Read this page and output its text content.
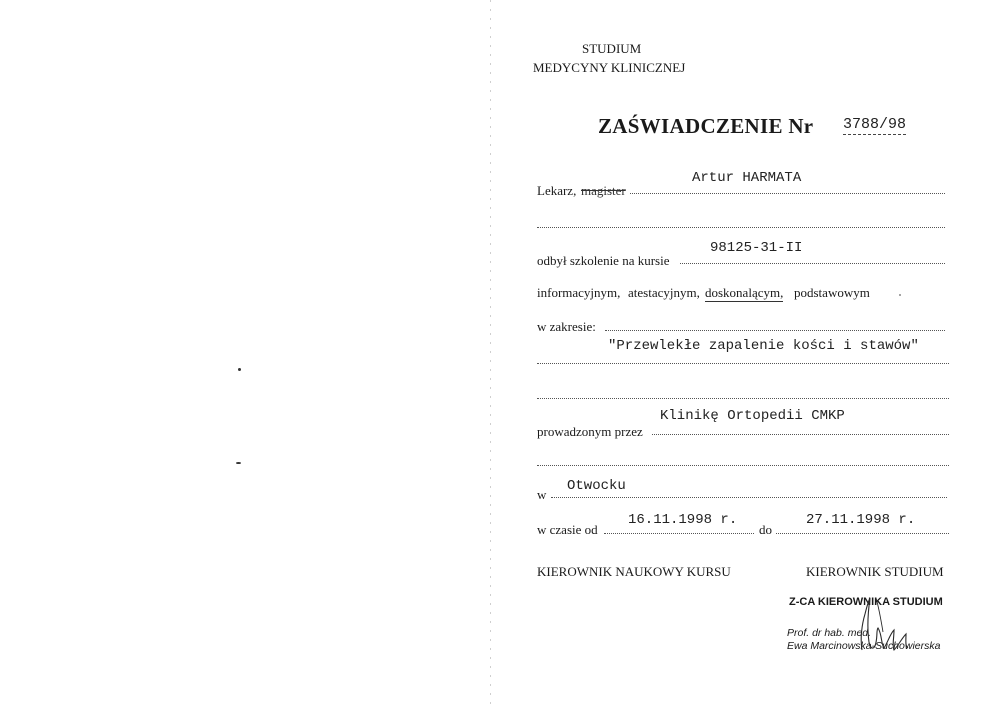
STUDIUM
MEDYCYNY KLINICZNEJ
ZAŚWIADCZENIE Nr 3788/98
Lekarz, magister
Artur HARMATA
odbył szkolenie na kursie
98125-31-II
informacyjnym, atestacyjnym, doskonalącym, podstawowym
w zakresie:
"Przewlekłe zapalenie kości i stawów"
prowadzonym przez
Klinikę Ortopedii CMKP
w
Otwocku
w czasie od
16.11.1998 r.
do
27.11.1998 r.
KIEROWNIK NAUKOWY KURSU	KIEROWNIK STUDIUM
Z-CA KIEROWNIKA STUDIUM
Prof. dr hab. med.
Ewa Marcinowska-Suchowierska
